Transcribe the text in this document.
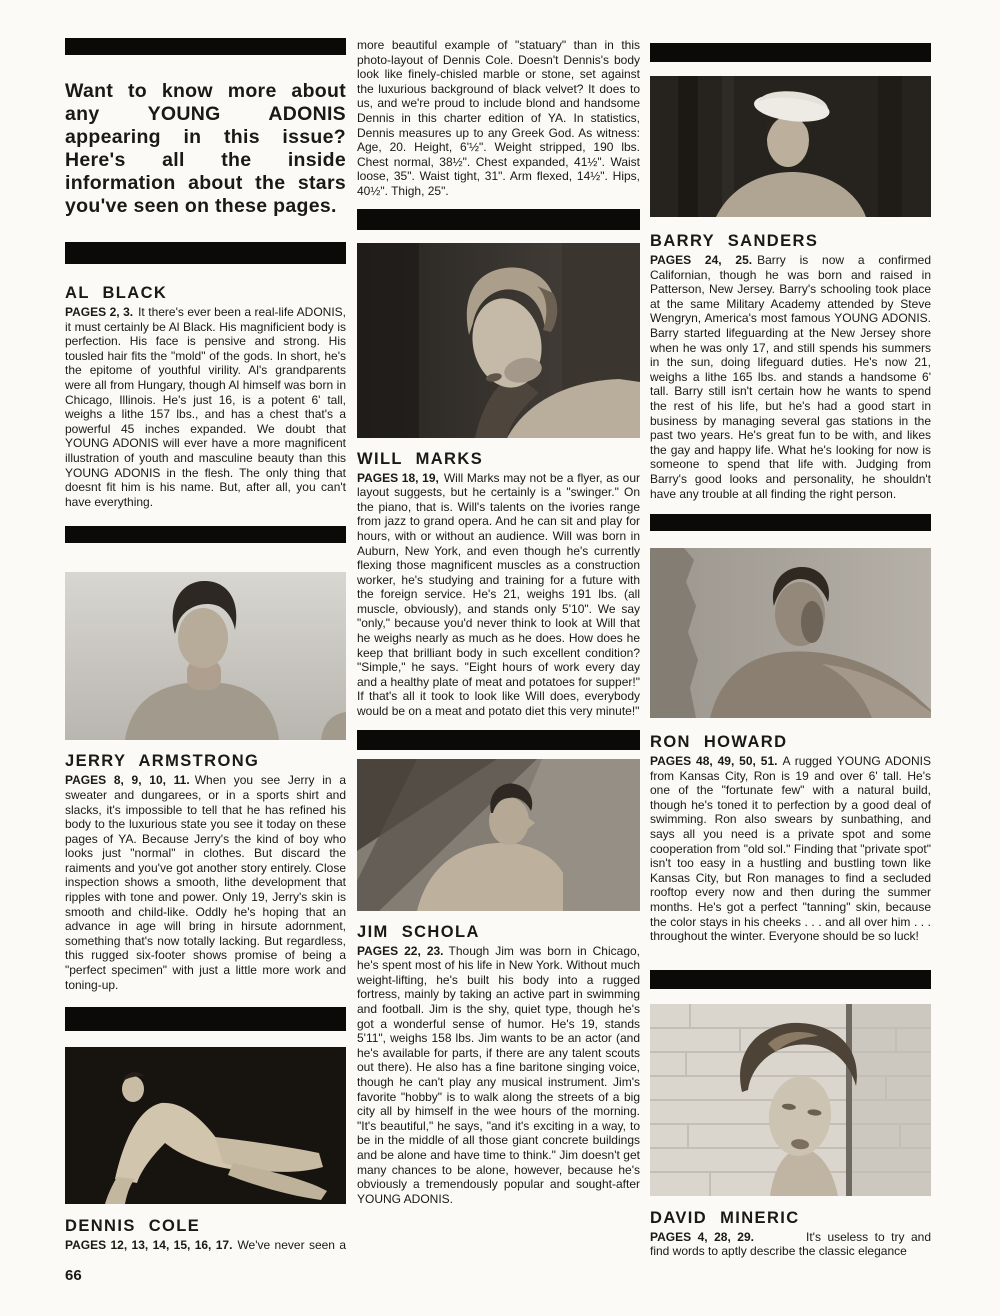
Want to know more about any YOUNG ADONIS appearing in this issue? Here's all the inside information about the stars you've seen on these pages.

AL BLACK

PAGES 2, 3. It there's ever been a real-life ADONIS, it must certainly be Al Black. His magnificient body is perfection. His face is pensive and strong. His tousled hair fits the "mold" of the gods. In short, he's the epitome of youthful virility. Al's grandparents were all from Hungary, though Al himself was born in Chicago, Illinois. He's just 16, is a potent 6' tall, weighs a lithe 157 lbs., and has a chest that's a powerful 45 inches expanded. We doubt that YOUNG ADONIS will ever have a more magnificent illustration of youth and masculine beauty than this YOUNG ADONIS in the flesh. The only thing that doesnt fit him is his name. But, after all, you can't have everything.

JERRY ARMSTRONG

PAGES 8, 9, 10, 11. When you see Jerry in a sweater and dungarees, or in a sports shirt and slacks, it's impossible to tell that he has refined his body to the luxurious state you see it today on these pages of YA. Because Jerry's the kind of boy who looks just "normal" in clothes. But discard the raiments and you've got another story entirely. Close inspection shows a smooth, lithe development that ripples with tone and power. Only 19, Jerry's skin is smooth and child-like. Oddly he's hoping that an advance in age will bring in hirsute adornment, something that's now totally lacking. But regardless, this rugged six-footer shows promise of being a "perfect specimen" with just a little more work and toning-up.

DENNIS COLE

PAGES 12, 13, 14, 15, 16, 17. We've never seen a

66

more beautiful example of "statuary" than in this photo-layout of Dennis Cole. Doesn't Dennis's body look like finely-chisled marble or stone, set against the luxurious background of black velvet? It does to us, and we're proud to include blond and handsome Dennis in this charter edition of YA. In statistics, Dennis measures up to any Greek God. As witness: Age, 20. Height, 6'½". Weight stripped, 190 lbs. Chest normal, 38½". Chest expanded, 41½". Waist loose, 35". Waist tight, 31". Arm flexed, 14½". Hips, 40½". Thigh, 25".

WILL MARKS

PAGES 18, 19, Will Marks may not be a flyer, as our layout suggests, but he certainly is a "swinger." On the piano, that is. Will's talents on the ivories range from jazz to grand opera. And he can sit and play for hours, with or without an audience. Will was born in Auburn, New York, and even though he's currently flexing those magnificent muscles as a construction worker, he's studying and training for a future with the foreign service. He's 21, weighs 191 lbs. (all muscle, obviously), and stands only 5'10". We say "only," because you'd never think to look at Will that he weighs nearly as much as he does. How does he keep that brilliant body in such excellent condition? "Simple," he says. "Eight hours of work every day and a healthy plate of meat and potatoes for supper!" If that's all it took to look like Will does, everybody would be on a meat and potato diet this very minute!"

JIM SCHOLA

PAGES 22, 23. Though Jim was born in Chicago, he's spent most of his life in New York. Without much weight-lifting, he's built his body into a rugged fortress, mainly by taking an active part in swimming and football. Jim is the shy, quiet type, though he's got a wonderful sense of humor. He's 19, stands 5'11", weighs 158 lbs. Jim wants to be an actor (and he's available for parts, if there are any talent scouts out there). He also has a fine baritone singing voice, though he can't play any musical instrument. Jim's favorite "hobby" is to walk along the streets of a big city all by himself in the wee hours of the morning. "It's beautiful," he says, "and it's exciting in a way, to be in the middle of all those giant concrete buildings and be alone and have time to think." Jim doesn't get many chances to be alone, however, because he's obviously a tremendously popular and sought-after YOUNG ADONIS.

BARRY SANDERS

PAGES 24, 25. Barry is now a confirmed Californian, though he was born and raised in Patterson, New Jersey. Barry's schooling took place at the same Military Academy attended by Steve Wengryn, America's most famous YOUNG ADONIS. Barry started lifeguarding at the New Jersey shore when he was only 17, and still spends his summers in the sun, doing lifeguard duties. He's now 21, weighs a lithe 165 lbs. and stands a handsome 6' tall. Barry still isn't certain how he wants to spend the rest of his life, but he's had a good start in business by managing several gas stations in the past two years. He's great fun to be with, and likes the gay and happy life. What he's looking for now is someone to spend that life with. Judging from Barry's good looks and personality, he shouldn't have any trouble at all finding the right person.

RON HOWARD

PAGES 48, 49, 50, 51. A rugged YOUNG ADONIS from Kansas City, Ron is 19 and over 6' tall. He's one of the "fortunate few" with a natural build, though he's toned it to perfection by a good deal of swimming. Ron also swears by sunbathing, and says all you need is a private spot and some cooperation from "old sol." Finding that "private spot" isn't too easy in a hustling and bustling town like Kansas City, but Ron manages to find a secluded rooftop every now and then during the summer months. He's got a perfect "tanning" skin, because the color stays in his cheeks . . . and all over him . . . throughout the winter. Everyone should be so luck!

DAVID MINERIC

PAGES 4, 28, 29.	It's useless to try and find words to aptly describe the classic elegance
